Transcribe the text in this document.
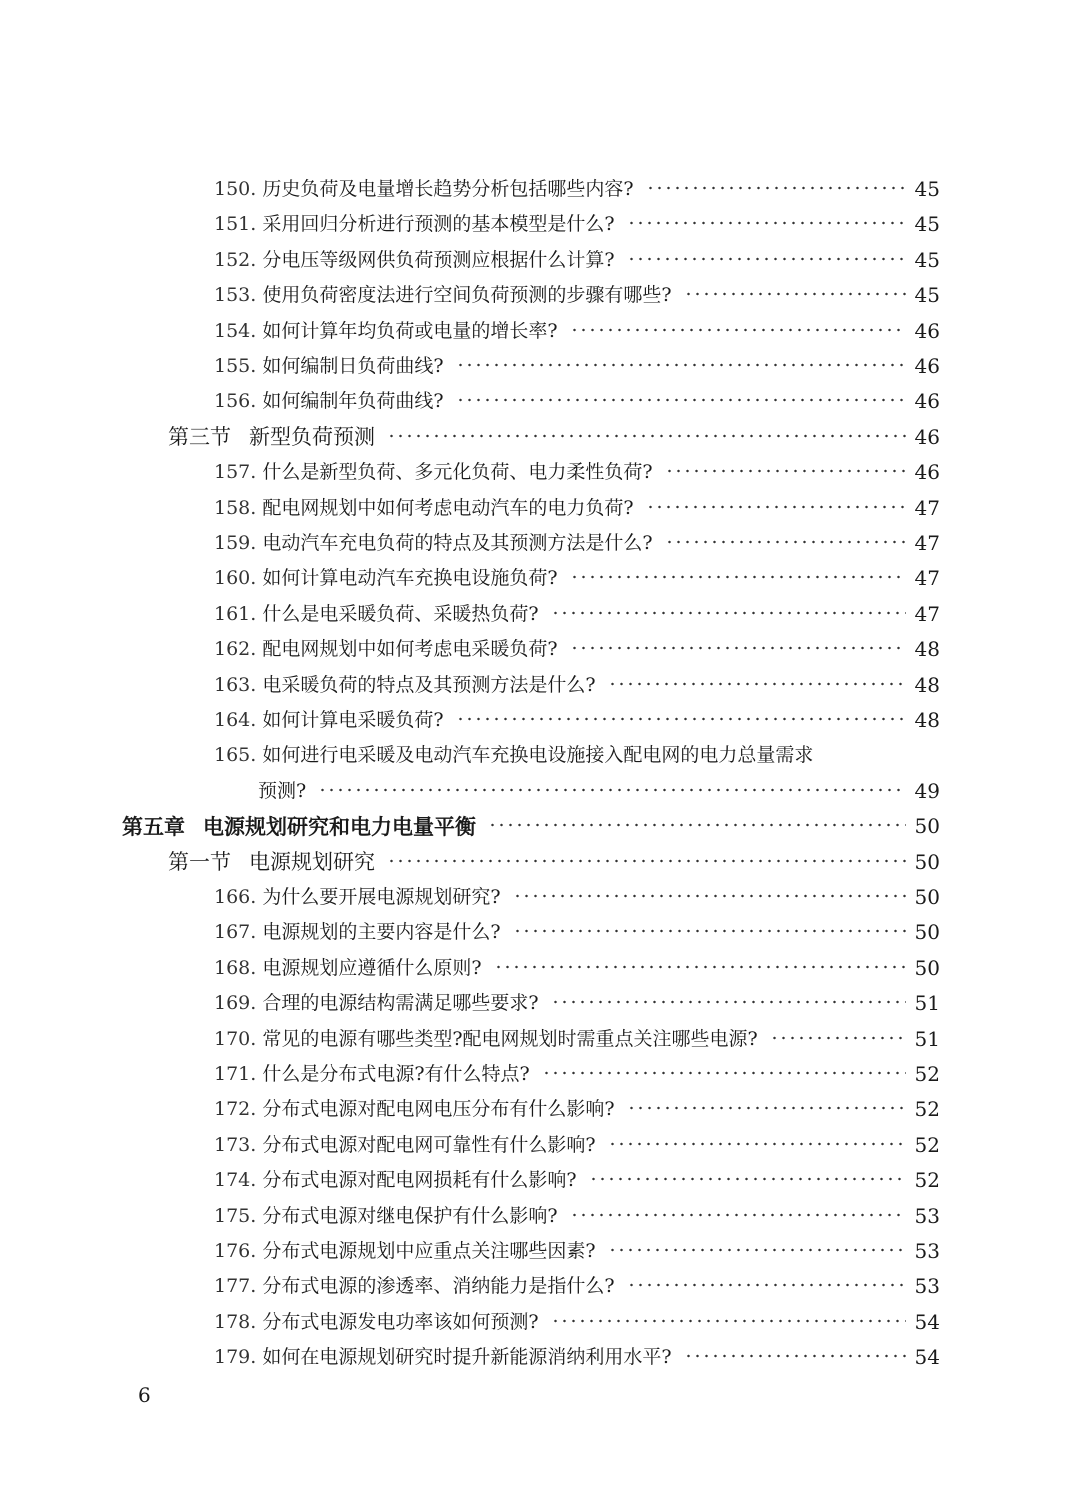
150. 历史负荷及电量增长趋势分析包括哪些内容?	45
151. 采用回归分析进行预测的基本模型是什么?	45
152. 分电压等级网供负荷预测应根据什么计算?	45
153. 使用负荷密度法进行空间负荷预测的步骤有哪些?	45
154. 如何计算年均负荷或电量的增长率?	46
155. 如何编制日负荷曲线?	46
156. 如何编制年负荷曲线?	46
第三节 新型负荷预测	46
157. 什么是新型负荷、多元化负荷、电力柔性负荷?	46
158. 配电网规划中如何考虑电动汽车的电力负荷?	47
159. 电动汽车充电负荷的特点及其预测方法是什么?	47
160. 如何计算电动汽车充换电设施负荷?	47
161. 什么是电采暖负荷、采暖热负荷?	47
162. 配电网规划中如何考虑电采暖负荷?	48
163. 电采暖负荷的特点及其预测方法是什么?	48
164. 如何计算电采暖负荷?	48
165. 如何进行电采暖及电动汽车充换电设施接入配电网的电力总量需求
预测?	49
第五章 电源规划研究和电力电量平衡	50
第一节 电源规划研究	50
166. 为什么要开展电源规划研究?	50
167. 电源规划的主要内容是什么?	50
168. 电源规划应遵循什么原则?	50
169. 合理的电源结构需满足哪些要求?	51
170. 常见的电源有哪些类型?配电网规划时需重点关注哪些电源?	51
171. 什么是分布式电源?有什么特点?	52
172. 分布式电源对配电网电压分布有什么影响?	52
173. 分布式电源对配电网可靠性有什么影响?	52
174. 分布式电源对配电网损耗有什么影响?	52
175. 分布式电源对继电保护有什么影响?	53
176. 分布式电源规划中应重点关注哪些因素?	53
177. 分布式电源的渗透率、消纳能力是指什么?	53
178. 分布式电源发电功率该如何预测?	54
179. 如何在电源规划研究时提升新能源消纳利用水平?	54
6
